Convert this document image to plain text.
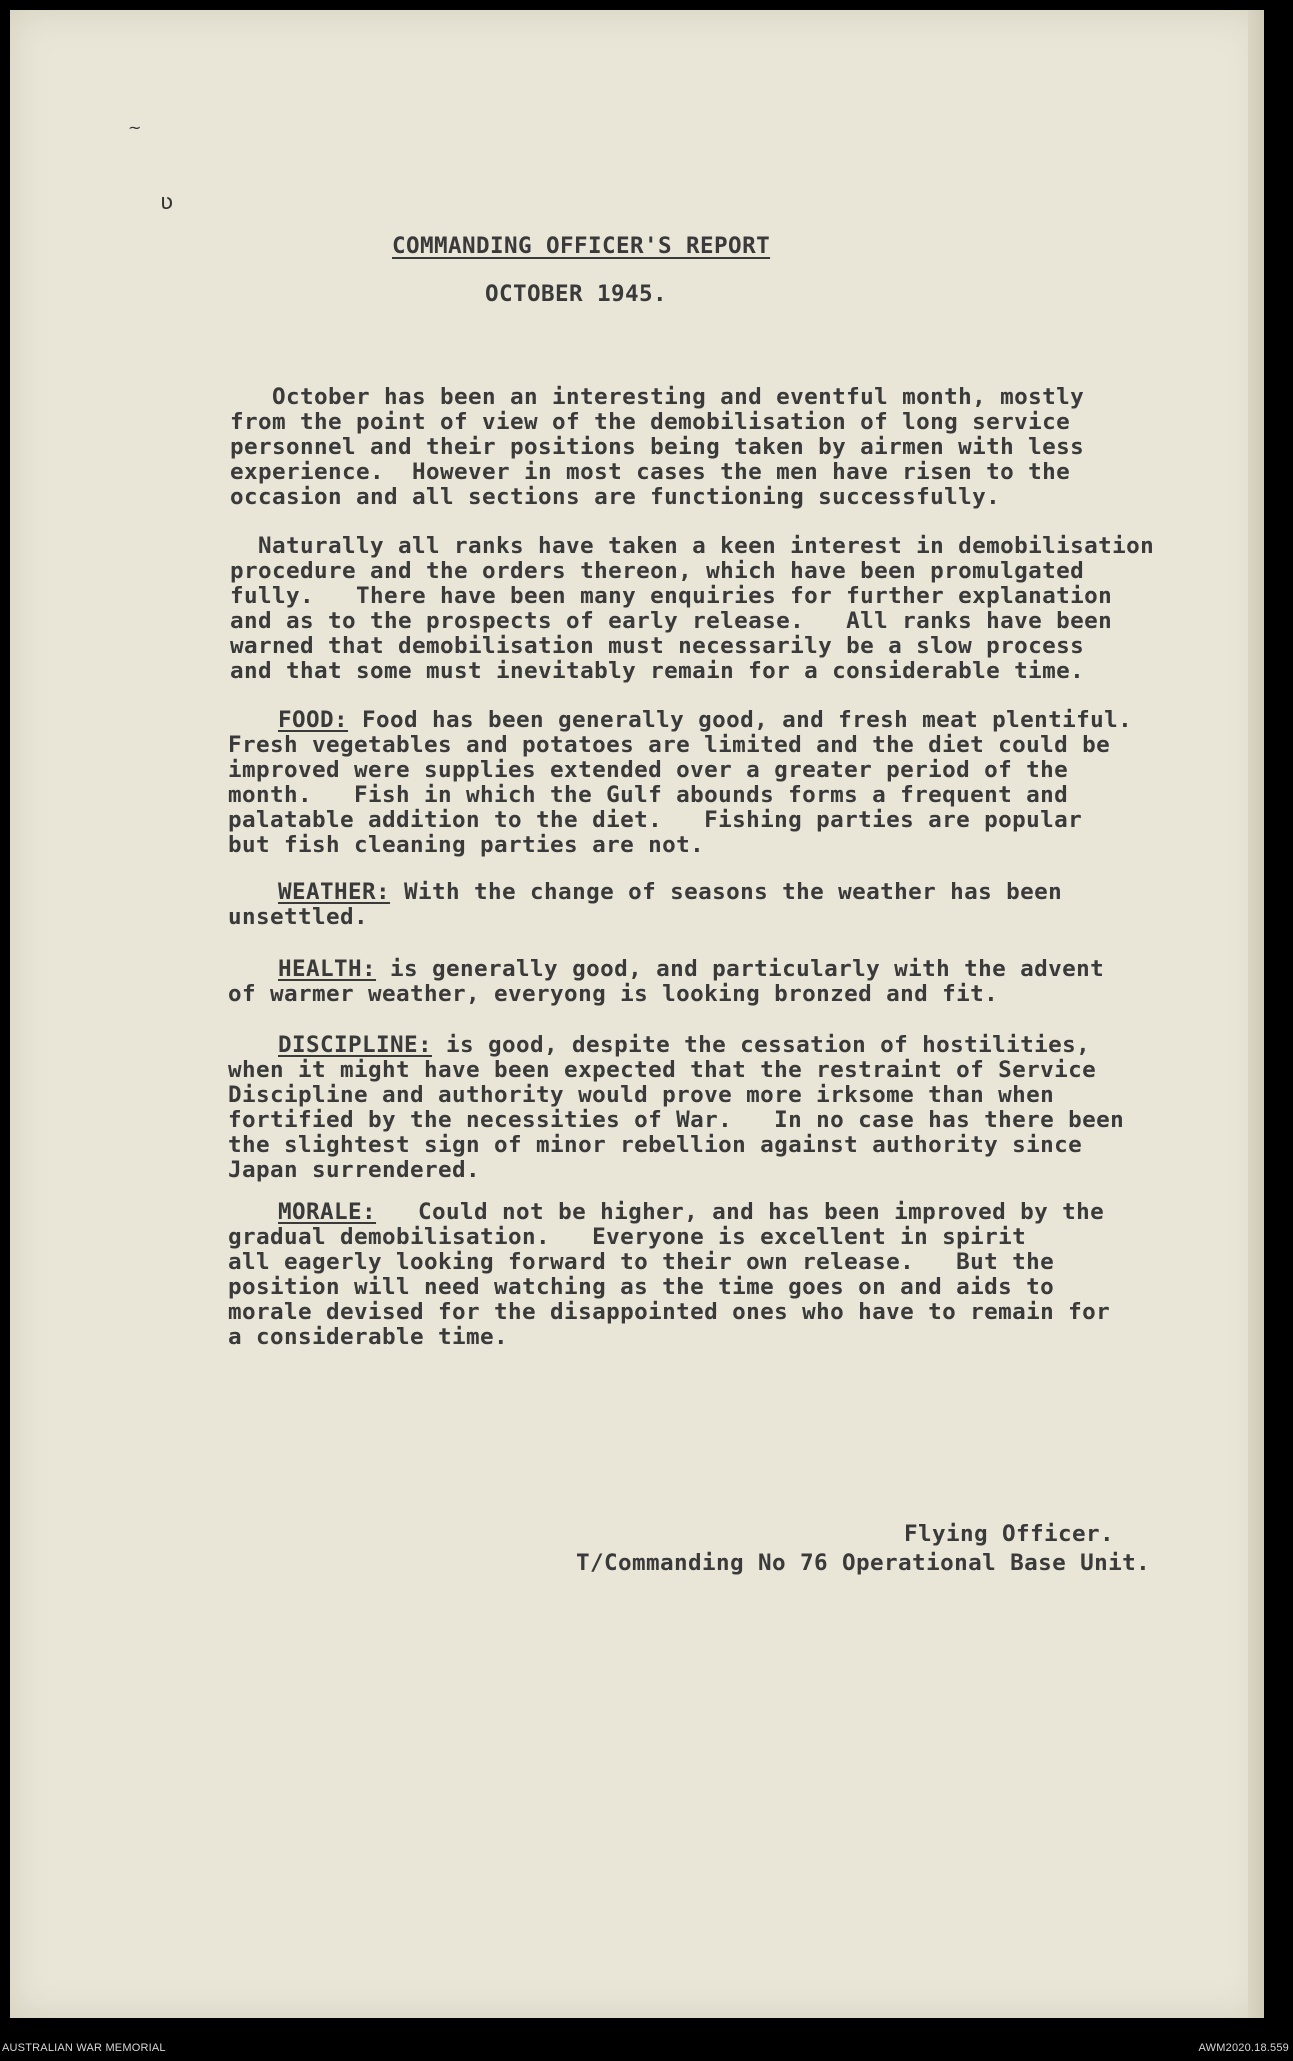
~
ʋ
COMMANDING OFFICER'S REPORT
OCTOBER 1945.
October has been an interesting and eventful month, mostly
from the point of view of the demobilisation of long service
personnel and their positions being taken by airmen with less
experience.  However in most cases the men have risen to the
occasion and all sections are functioning successfully.
Naturally all ranks have taken a keen interest in demobilisation
procedure and the orders thereon, which have been promulgated
fully.   There have been many enquiries for further explanation
and as to the prospects of early release.   All ranks have been
warned that demobilisation must necessarily be a slow process
and that some must inevitably remain for a considerable time.
FOOD: Food has been generally good, and fresh meat plentiful.
Fresh vegetables and potatoes are limited and the diet could be
improved were supplies extended over a greater period of the
month.   Fish in which the Gulf abounds forms a frequent and
palatable addition to the diet.   Fishing parties are popular
but fish cleaning parties are not.
WEATHER: With the change of seasons the weather has been
unsettled.
HEALTH: is generally good, and particularly with the advent
of warmer weather, everyong is looking bronzed and fit.
DISCIPLINE: is good, despite the cessation of hostilities,
when it might have been expected that the restraint of Service
Discipline and authority would prove more irksome than when
fortified by the necessities of War.   In no case has there been
the slightest sign of minor rebellion against authority since
Japan surrendered.
MORALE:   Could not be higher, and has been improved by the
gradual demobilisation.   Everyone is excellent in spirit
all eagerly looking forward to their own release.   But the
position will need watching as the time goes on and aids to
morale devised for the disappointed ones who have to remain for
a considerable time.
Flying Officer.
T/Commanding No 76 Operational Base Unit.
AUSTRALIAN WAR MEMORIAL	AWM2020.18.559
